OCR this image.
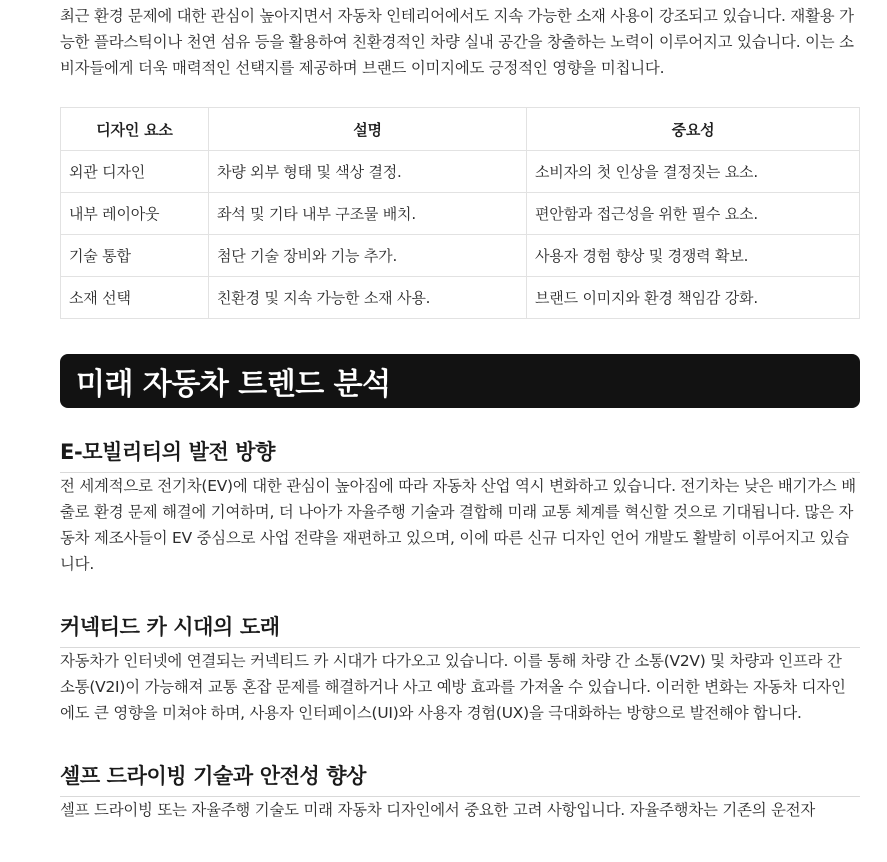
최근 환경 문제에 대한 관심이 높아지면서 자동차 인테리어에서도 지속 가능한 소재 사용이 강조되고 있습니다. 재활용 가능한 플라스틱이나 천연 섬유 등을 활용하여 친환경적인 차량 실내 공간을 창출하는 노력이 이루어지고 있습니다. 이는 소비자들에게 더욱 매력적인 선택지를 제공하며 브랜드 이미지에도 긍정적인 영향을 미칩니다.

디자인 요소	설명	중요성
외관 디자인	차량 외부 형태 및 색상 결정.	소비자의 첫 인상을 결정짓는 요소.
내부 레이아웃	좌석 및 기타 내부 구조물 배치.	편안함과 접근성을 위한 필수 요소.
기술 통합	첨단 기술 장비와 기능 추가.	사용자 경험 향상 및 경쟁력 확보.
소재 선택	친환경 및 지속 가능한 소재 사용.	브랜드 이미지와 환경 책임감 강화.
미래 자동차 트렌드 분석
E-모빌리티의 발전 방향

전 세계적으로 전기차(EV)에 대한 관심이 높아짐에 따라 자동차 산업 역시 변화하고 있습니다. 전기차는 낮은 배기가스 배출로 환경 문제 해결에 기여하며, 더 나아가 자율주행 기술과 결합해 미래 교통 체계를 혁신할 것으로 기대됩니다. 많은 자동차 제조사들이 EV 중심으로 사업 전략을 재편하고 있으며, 이에 따른 신규 디자인 언어 개발도 활발히 이루어지고 있습니다.

커넥티드 카 시대의 도래

자동차가 인터넷에 연결되는 커넥티드 카 시대가 다가오고 있습니다. 이를 통해 차량 간 소통(V2V) 및 차량과 인프라 간 소통(V2I)이 가능해져 교통 혼잡 문제를 해결하거나 사고 예방 효과를 가져올 수 있습니다. 이러한 변화는 자동차 디자인에도 큰 영향을 미쳐야 하며, 사용자 인터페이스(UI)와 사용자 경험(UX)을 극대화하는 방향으로 발전해야 합니다.

셀프 드라이빙 기술과 안전성 향상

셀프 드라이빙 또는 자율주행 기술도 미래 자동차 디자인에서 중요한 고려 사항입니다. 자율주행차는 기존의 운전자
